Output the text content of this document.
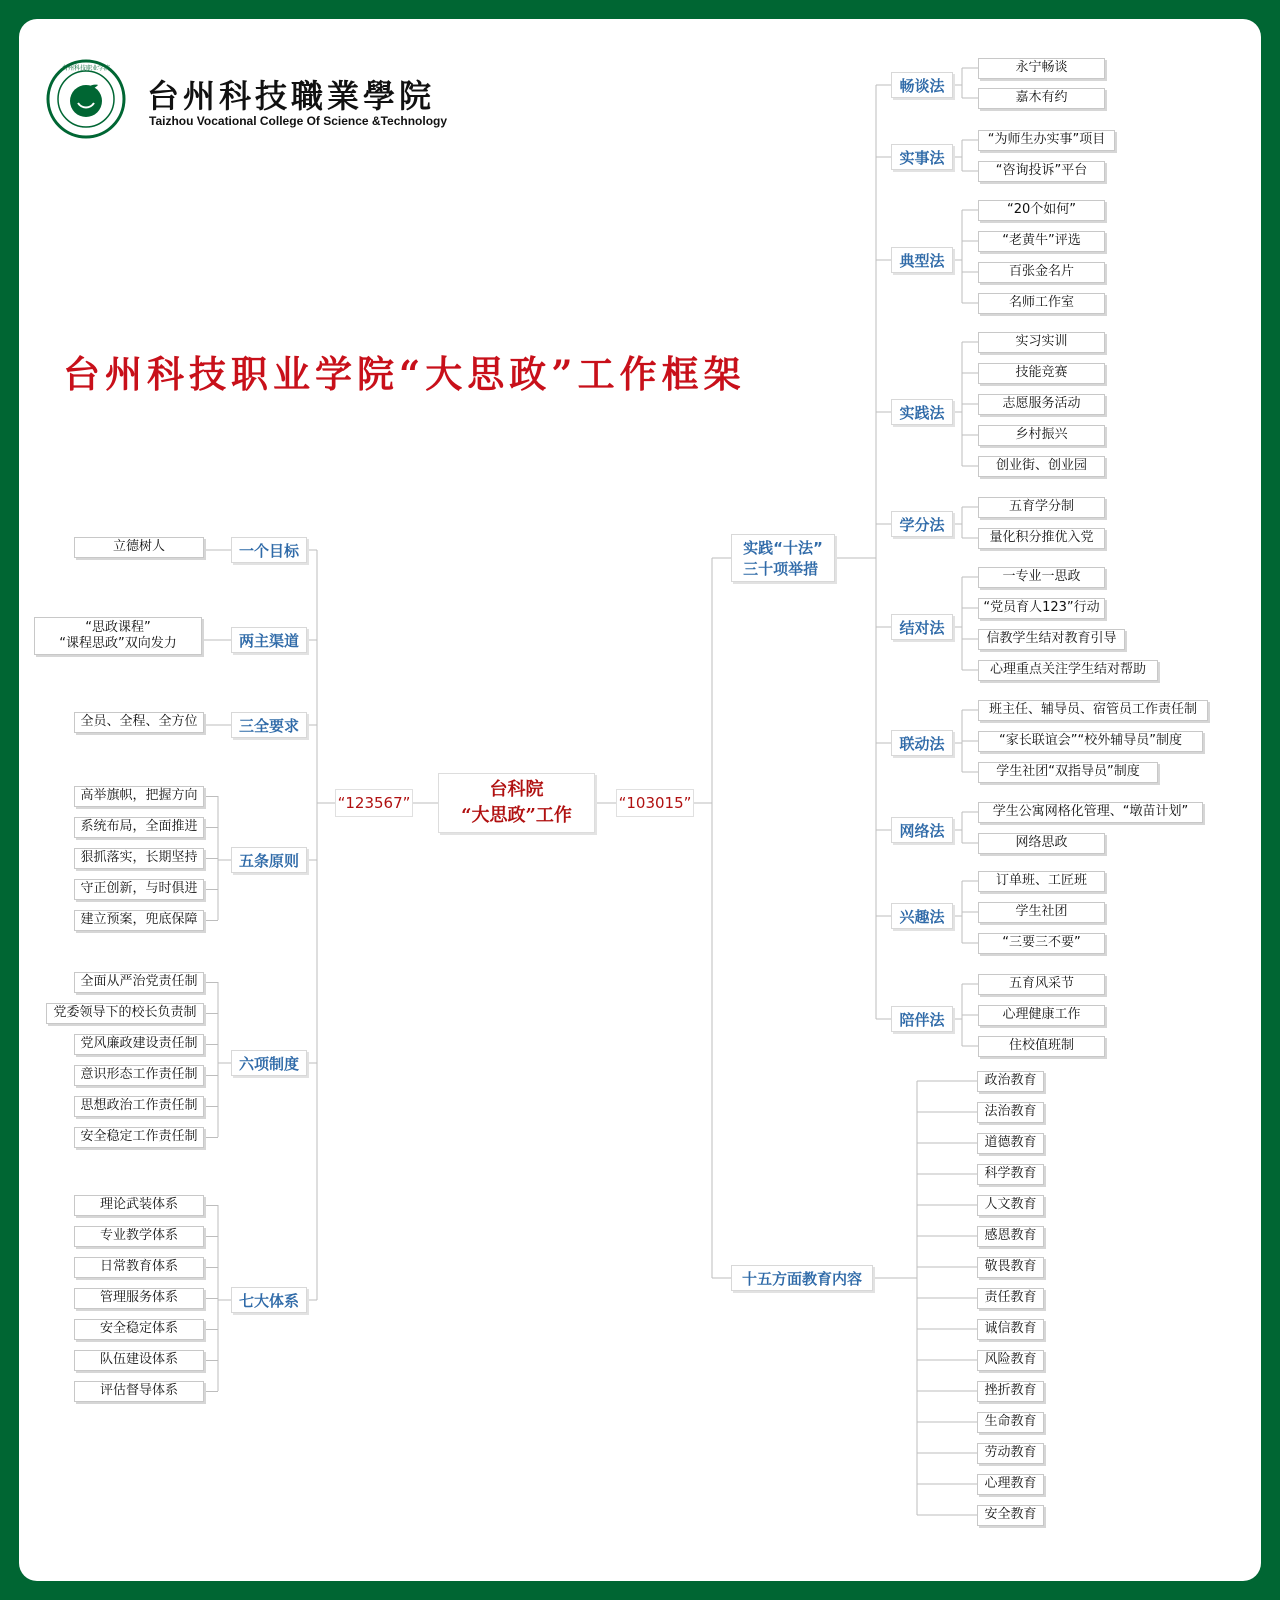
台州科技职业学院
台州科技職業學院
Taizhou Vocational College Of Science &Technology
台州科技职业学院“大思政”工作框架
台科院
“大思政”工作
“123567”	“103015”
一个目标
立德树人
两主渠道
“思政课程”
“课程思政”双向发力
三全要求
全员、全程、全方位
五条原则
高举旗帜，把握方向
系统布局，全面推进
狠抓落实，长期坚持
守正创新，与时俱进
建立预案，兜底保障
六项制度
全面从严治党责任制
党委领导下的校长负责制
党风廉政建设责任制
意识形态工作责任制
思想政治工作责任制
安全稳定工作责任制
七大体系
理论武装体系
专业教学体系
日常教育体系
管理服务体系
安全稳定体系
队伍建设体系
评估督导体系
实践“十法”
三十项举措
十五方面教育内容
畅谈法
永宁畅谈
嘉木有约
实事法
“为师生办实事”项目
“咨询投诉”平台
典型法
“20个如何”
“老黄牛”评选
百张金名片
名师工作室
实践法
实习实训
技能竞赛
志愿服务活动
乡村振兴
创业街、创业园
学分法
五育学分制
量化积分推优入党
结对法
一专业一思政
“党员育人123”行动
信教学生结对教育引导
心理重点关注学生结对帮助
联动法
班主任、辅导员、宿管员工作责任制
“家长联谊会”“校外辅导员”制度
学生社团“双指导员”制度
网络法
学生公寓网格化管理、“墩苗计划”
网络思政
兴趣法
订单班、工匠班
学生社团
“三要三不要”
陪伴法
五育风采节
心理健康工作
住校值班制
政治教育
法治教育
道德教育
科学教育
人文教育
感恩教育
敬畏教育
责任教育
诚信教育
风险教育
挫折教育
生命教育
劳动教育
心理教育
安全教育
